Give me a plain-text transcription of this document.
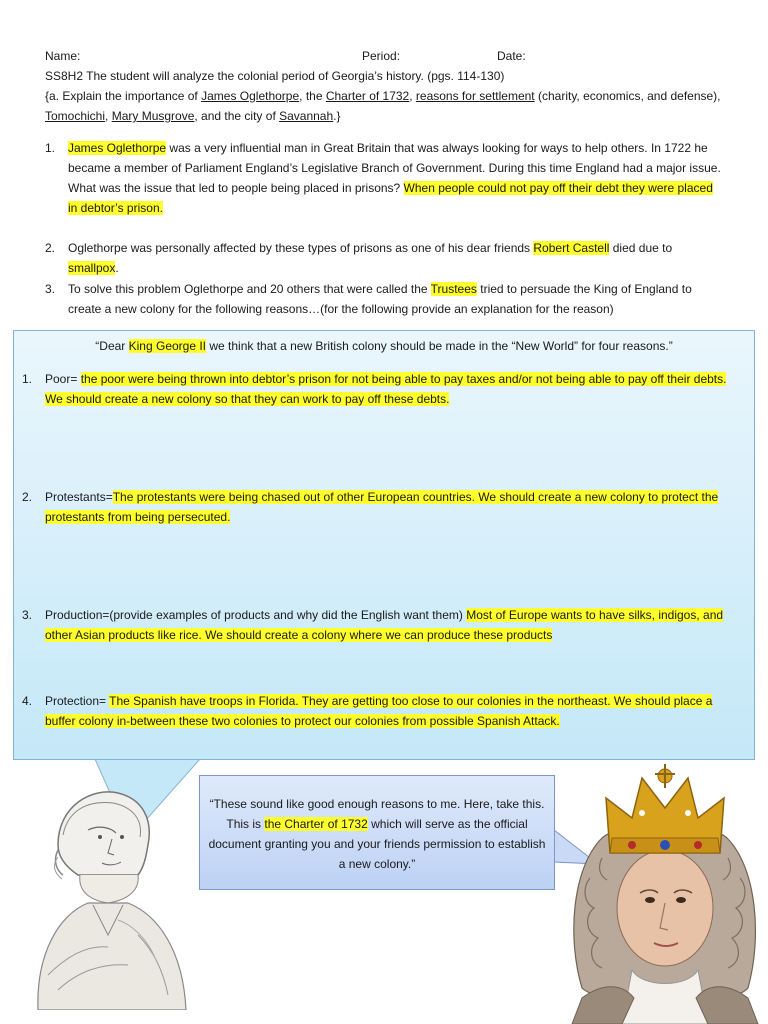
Name:	Period:	Date:
SS8H2 The student will analyze the colonial period of Georgia’s history. (pgs. 114-130)
{a. Explain the importance of James Oglethorpe, the Charter of 1732, reasons for settlement (charity, economics, and defense), Tomochichi, Mary Musgrove, and the city of Savannah.}
1. James Oglethorpe was a very influential man in Great Britain that was always looking for ways to help others. In 1722 he became a member of Parliament England’s Legislative Branch of Government. During this time England had a major issue. What was the issue that led to people being placed in prisons? When people could not pay off their debt they were placed in debtor’s prison.
2. Oglethorpe was personally affected by these types of prisons as one of his dear friends Robert Castell died due to smallpox.
3. To solve this problem Oglethorpe and 20 others that were called the Trustees tried to persuade the King of England to create a new colony for the following reasons…(for the following provide an explanation for the reason)
“Dear King George II we think that a new British colony should be made in the “New World” for four reasons.”
1. Poor= the poor were being thrown into debtor’s prison for not being able to pay taxes and/or not being able to pay off their debts. We should create a new colony so that they can work to pay off these debts.
2. Protestants=The protestants were being chased out of other European countries. We should create a new colony to protect the protestants from being persecuted.
3. Production=(provide examples of products and why did the English want them) Most of Europe wants to have silks, indigos, and other Asian products like rice. We should create a colony where we can produce these products
4. Protection= The Spanish have troops in Florida. They are getting too close to our colonies in the northeast. We should place a buffer colony in-between these two colonies to protect our colonies from possible Spanish Attack.
“These sound like good enough reasons to me. Here, take this. This is the Charter of 1732 which will serve as the official document granting you and your friends permission to establish a new colony.”
